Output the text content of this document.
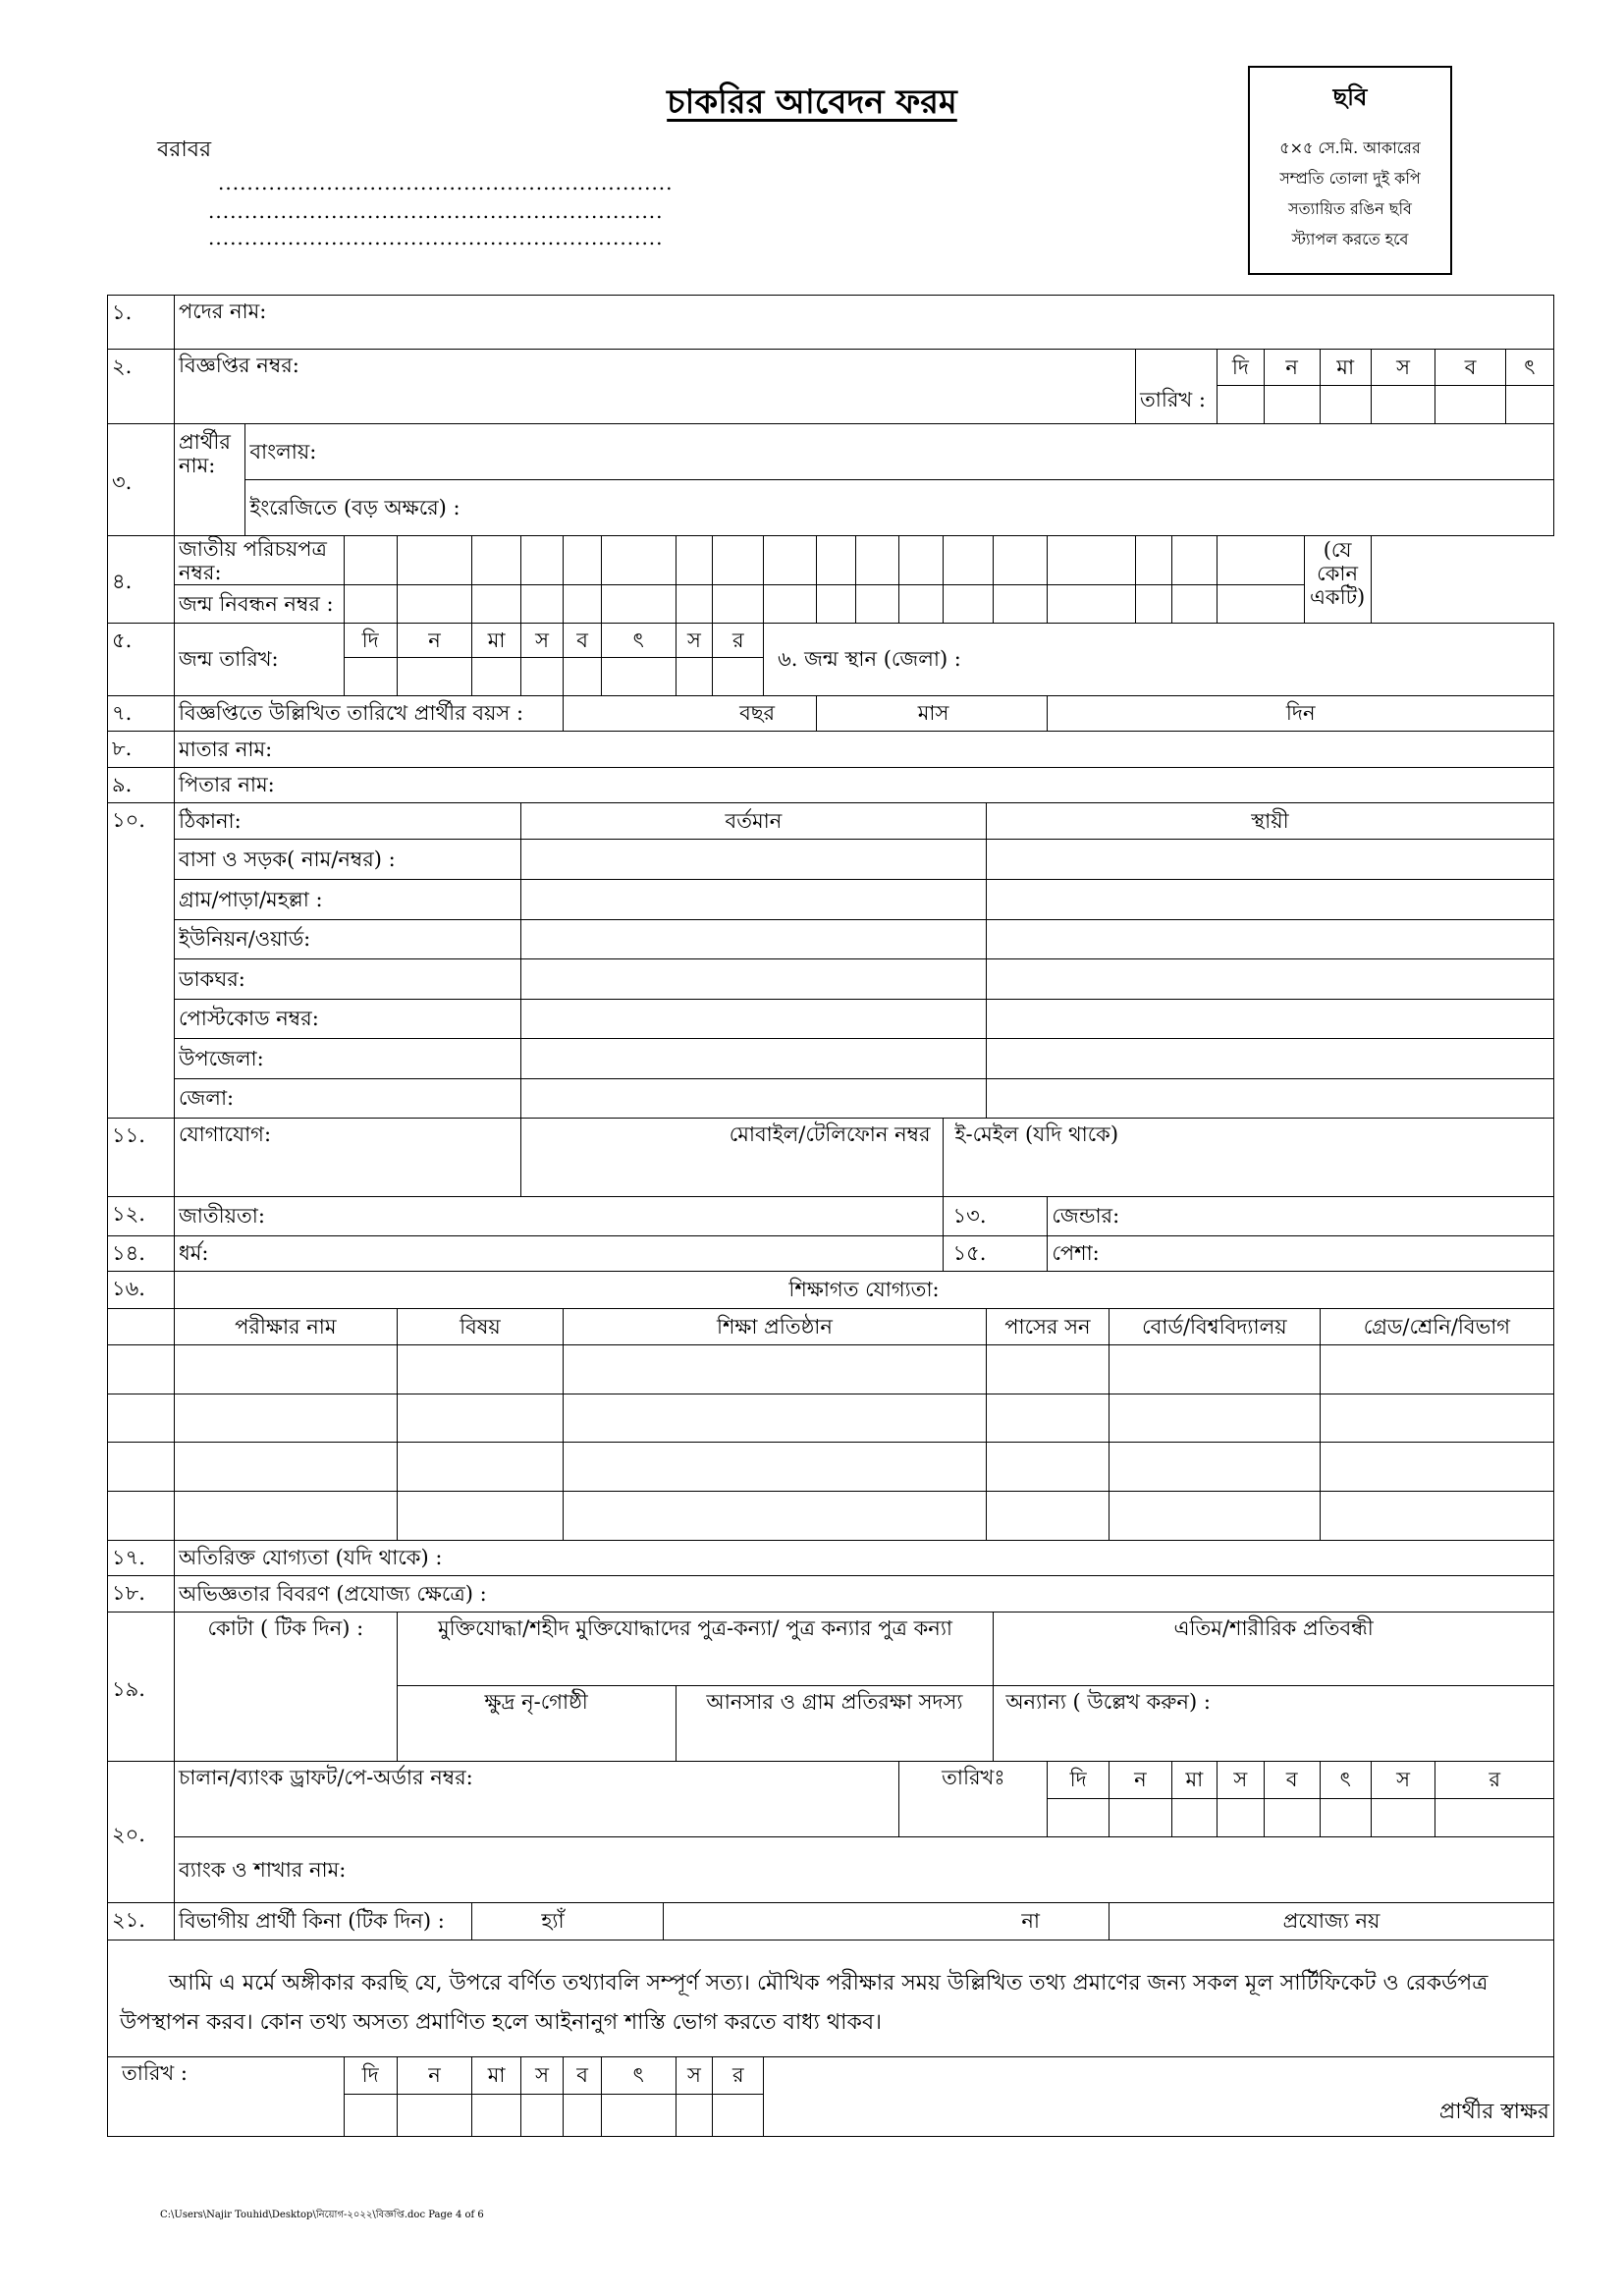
চাকরির আবেদন ফরম
বরাবর
...............................................................
...............................................................
...............................................................
ছবি
৫×৫ সে.মি. আকারের
সম্প্রতি তোলা দুই কপি
সত্যায়িত রঙিন ছবি
স্ট্যাপল করতে হবে
১.	পদের নাম:																												
২.	বিজ্ঞপ্তির নম্বর:																				তারিখ :		দি	ন		মা	স	ব	ৎ

৩.	প্রার্থীর নাম:	বাংলায়:																											
		ইংরেজিতে (বড় অক্ষরে) :																											
৪.	জাতীয় পরিচয়পত্র নম্বর:																								(যে কোন একটি)				
	জন্ম নিবন্ধন নম্বর :																												
৫.	জন্ম তারিখ:		দি	ন	মা	স	ব	ৎ		স	র	৬. জন্ম স্থান (জেলা) :																	

৭.	বিজ্ঞপ্তিতে উল্লিখিত তারিখে প্রার্থীর বয়স :						বছর						মাস						দিন										
৮.	মাতার নাম:																												
৯.	পিতার নাম:																												
১০.	ঠিকানা:					বর্তমান											স্থায়ী												
	বাসা ও সড়ক( নাম/নম্বর) :																												
	গ্রাম/পাড়া/মহল্লা :																												
	ইউনিয়ন/ওয়ার্ড:																												
	ডাকঘর:																												
	পোস্টকোড নম্বর:																												
	উপজেলা:																												
	জেলা:																												
১১.	যোগাযোগ:					মোবাইল/টেলিফোন নম্বর										ই-মেইল (যদি থাকে)													
১২.	জাতীয়তা:															১৩.			জেন্ডার:										
১৪.	ধর্ম:															১৫.			পেশা:										
১৬.	শিক্ষাগত যোগ্যতা:																												
	পরীক্ষার নাম			বিষয়			শিক্ষা প্রতিষ্ঠান										পাসের সন			বোর্ড/বিশ্ববিদ্যালয়						গ্রেড/শ্রেনি/বিভাগ			

১৭.	অতিরিক্ত যোগ্যতা (যদি থাকে) :																												
১৮.	অভিজ্ঞতার বিবরণ (প্রযোজ্য ক্ষেত্রে) :																												
১৯.	কোটা ( টিক দিন) :			মুক্তিযোদ্ধা/শহীদ মুক্তিযোদ্ধাদের পুত্র-কন্যা/ পুত্র কন্যার পুত্র কন্যা														এতিম/শারীরিক প্রতিবন্ধী											
				ক্ষুদ্র নৃ-গোষ্ঠী						আনসার ও গ্রাম প্রতিরক্ষা সদস্য								অন্যান্য ( উল্লেখ করুন) :											
২০.	চালান/ব্যাংক ড্রাফট/পে-অর্ডার নম্বর:														তারিখঃ				দি	ন		মা	স	ব		ৎ	স	র	

	ব্যাংক ও শাখার নাম:																												
২১.	বিভাগীয় প্রার্থী কিনা (টিক দিন) :				হ্যাঁ				না											প্রযোজ্য নয়									

আমি এ মর্মে অঙ্গীকার করছি যে, উপরে বর্ণিত তথ্যাবলি সম্পূর্ণ সত্য। মৌখিক পরীক্ষার সময় উল্লিখিত তথ্য প্রমাণের জন্য সকল মূল সার্টিফিকেট ও রেকর্ডপত্র উপস্থাপন করব। কোন তথ্য অসত্য প্রমাণিত হলে আইনানুগ শাস্তি ভোগ করতে বাধ্য থাকব।																													

তারিখ :			দি	ন	মা	স	ব	ৎ		স	র	প্রার্থীর স্বাক্ষর																	

C:\Users\Najir Touhid\Desktop\নিয়োগ-২০২২\বিজ্ঞপ্তি.doc Page 4 of 6
